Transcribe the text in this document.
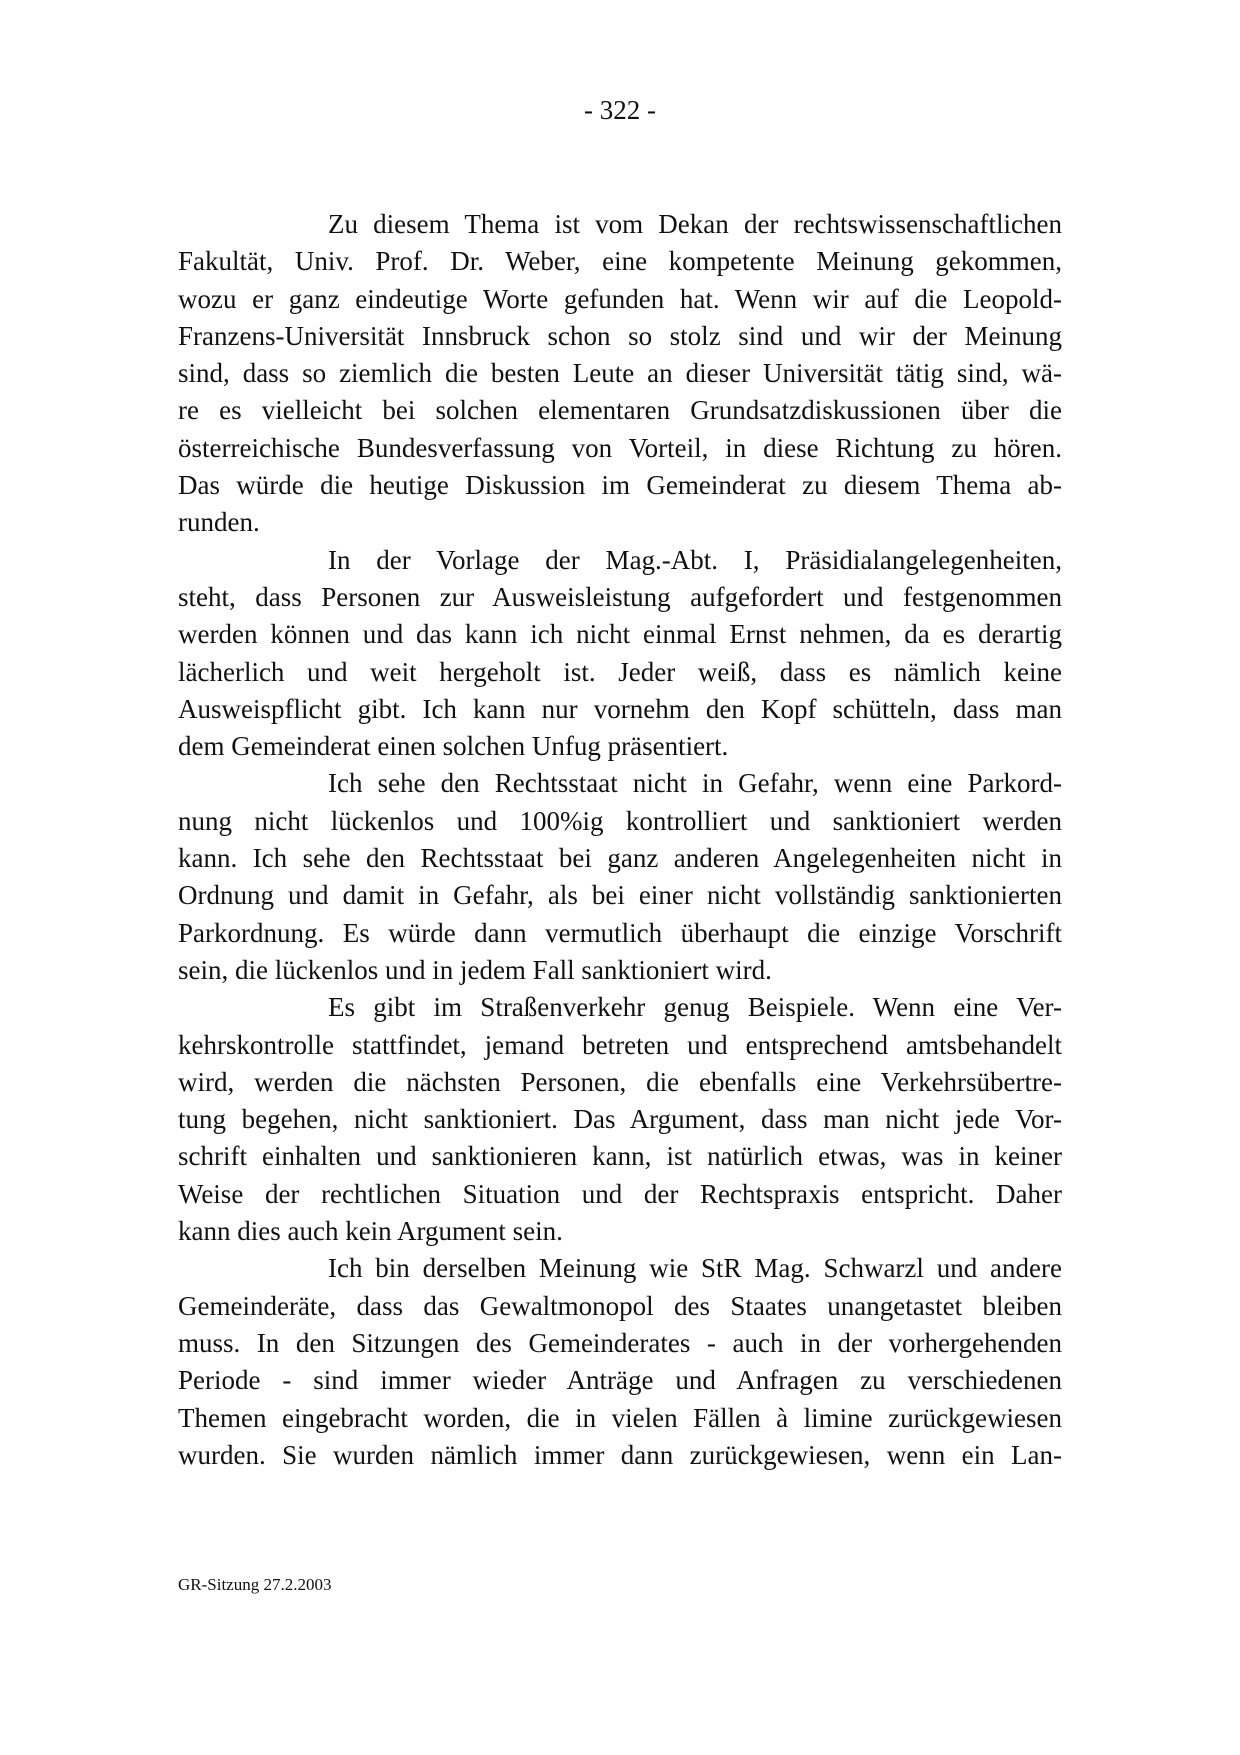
- 322 -

Zu diesem Thema ist vom Dekan der rechtswissenschaftlichen
Fakultät, Univ. Prof. Dr. Weber, eine kompetente Meinung gekommen,
wozu er ganz eindeutige Worte gefunden hat. Wenn wir auf die Leopold-
Franzens-Universität Innsbruck schon so stolz sind und wir der Meinung
sind, dass so ziemlich die besten Leute an dieser Universität tätig sind, wä-
re es vielleicht bei solchen elementaren Grundsatzdiskussionen über die
österreichische Bundesverfassung von Vorteil, in diese Richtung zu hören.
Das würde die heutige Diskussion im Gemeinderat zu diesem Thema ab-
runden.

In der Vorlage der Mag.-Abt. I, Präsidialangelegenheiten,
steht, dass Personen zur Ausweisleistung aufgefordert und festgenommen
werden können und das kann ich nicht einmal Ernst nehmen, da es derartig
lächerlich und weit hergeholt ist. Jeder weiß, dass es nämlich keine
Ausweispflicht gibt. Ich kann nur vornehm den Kopf schütteln, dass man
dem Gemeinderat einen solchen Unfug präsentiert.

Ich sehe den Rechtsstaat nicht in Gefahr, wenn eine Parkord-
nung nicht lückenlos und 100%ig kontrolliert und sanktioniert werden
kann. Ich sehe den Rechtsstaat bei ganz anderen Angelegenheiten nicht in
Ordnung und damit in Gefahr, als bei einer nicht vollständig sanktionierten
Parkordnung. Es würde dann vermutlich überhaupt die einzige Vorschrift
sein, die lückenlos und in jedem Fall sanktioniert wird.

Es gibt im Straßenverkehr genug Beispiele. Wenn eine Ver-
kehrskontrolle stattfindet, jemand betreten und entsprechend amtsbehandelt
wird, werden die nächsten Personen, die ebenfalls eine Verkehrsübertre-
tung begehen, nicht sanktioniert. Das Argument, dass man nicht jede Vor-
schrift einhalten und sanktionieren kann, ist natürlich etwas, was in keiner
Weise der rechtlichen Situation und der Rechtspraxis entspricht. Daher
kann dies auch kein Argument sein.

Ich bin derselben Meinung wie StR Mag. Schwarzl und andere
Gemeinderäte, dass das Gewaltmonopol des Staates unangetastet bleiben
muss. In den Sitzungen des Gemeinderates - auch in der vorhergehenden
Periode - sind immer wieder Anträge und Anfragen zu verschiedenen
Themen eingebracht worden, die in vielen Fällen à limine zurückgewiesen
wurden. Sie wurden nämlich immer dann zurückgewiesen, wenn ein Lan-

GR-Sitzung 27.2.2003
